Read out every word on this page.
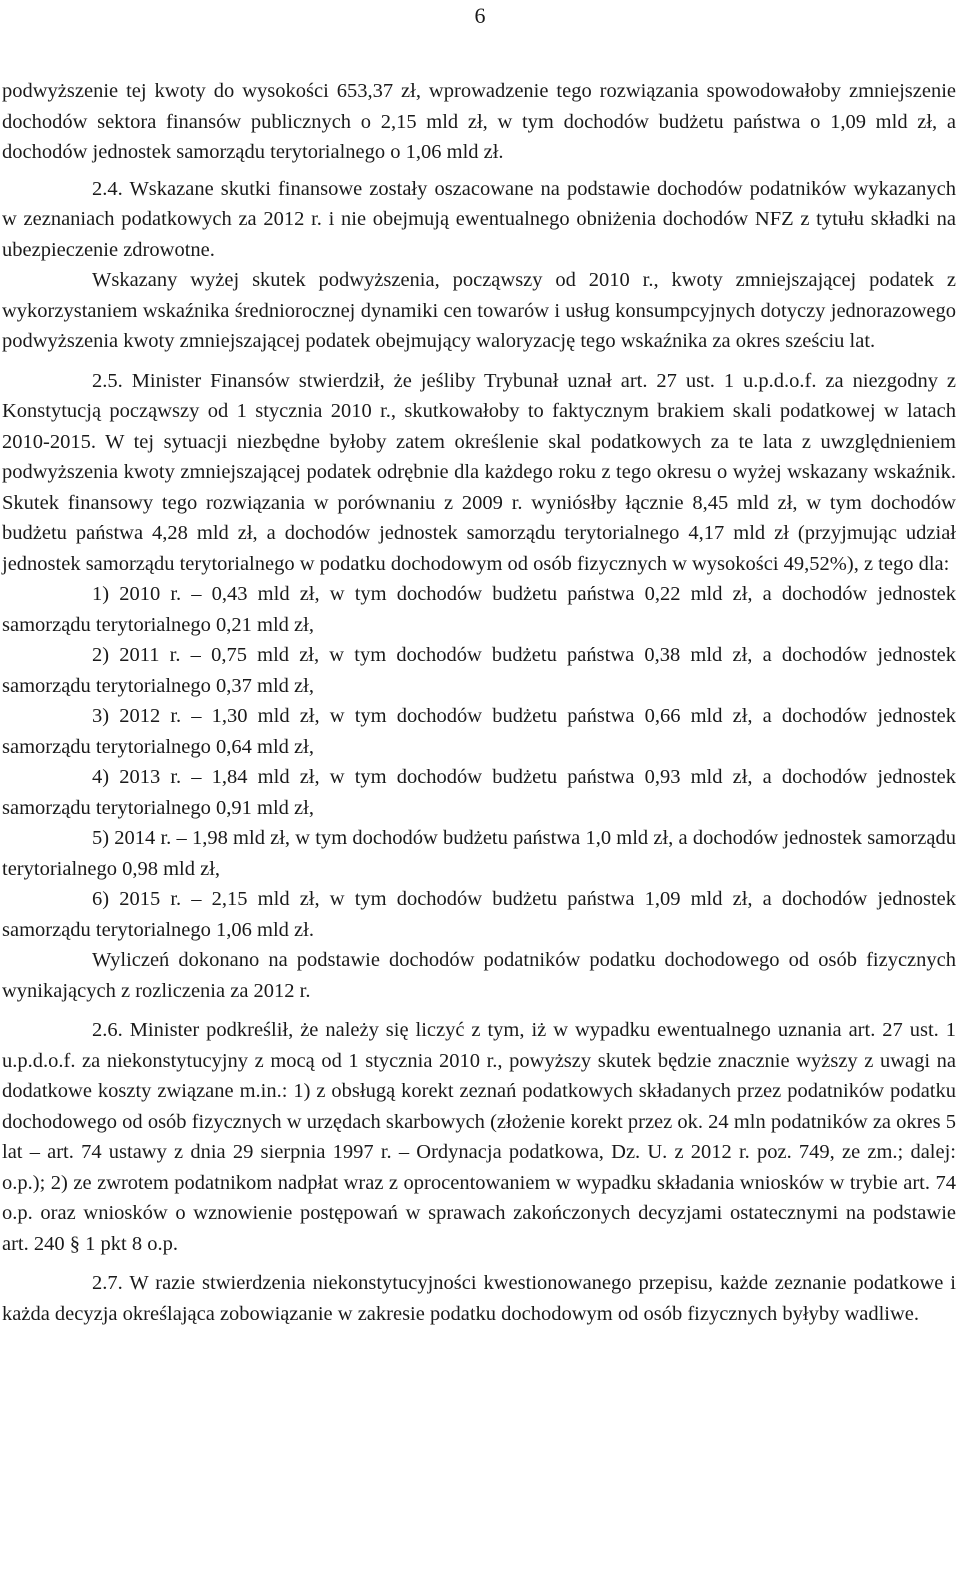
6

podwyższenie tej kwoty do wysokości 653,37 zł, wprowadzenie tego rozwiązania spowodowałoby zmniejszenie dochodów sektora finansów publicznych o 2,15 mld zł, w tym dochodów budżetu państwa o 1,09 mld zł, a dochodów jednostek samorządu terytorialnego o 1,06 mld zł.

2.4. Wskazane skutki finansowe zostały oszacowane na podstawie dochodów podatników wykazanych w zeznaniach podatkowych za 2012 r. i nie obejmują ewentualnego obniżenia dochodów NFZ z tytułu składki na ubezpieczenie zdrowotne.

Wskazany wyżej skutek podwyższenia, począwszy od 2010 r., kwoty zmniejszającej podatek z wykorzystaniem wskaźnika średniorocznej dynamiki cen towarów i usług konsumpcyjnych dotyczy jednorazowego podwyższenia kwoty zmniejszającej podatek obejmujący waloryzację tego wskaźnika za okres sześciu lat.

2.5. Minister Finansów stwierdził, że jeśliby Trybunał uznał art. 27 ust. 1 u.p.d.o.f. za niezgodny z Konstytucją począwszy od 1 stycznia 2010 r., skutkowałoby to faktycznym brakiem skali podatkowej w latach 2010-2015. W tej sytuacji niezbędne byłoby zatem określenie skal podatkowych za te lata z uwzględnieniem podwyższenia kwoty zmniejszającej podatek odrębnie dla każdego roku z tego okresu o wyżej wskazany wskaźnik. Skutek finansowy tego rozwiązania w porównaniu z 2009 r. wyniósłby łącznie 8,45 mld zł, w tym dochodów budżetu państwa 4,28 mld zł, a dochodów jednostek samorządu terytorialnego 4,17 mld zł (przyjmując udział jednostek samorządu terytorialnego w podatku dochodowym od osób fizycznych w wysokości 49,52%), z tego dla:

1) 2010 r. – 0,43 mld zł, w tym dochodów budżetu państwa 0,22 mld zł, a dochodów jednostek samorządu terytorialnego 0,21 mld zł,

2) 2011 r. – 0,75 mld zł, w tym dochodów budżetu państwa 0,38 mld zł, a dochodów jednostek samorządu terytorialnego 0,37 mld zł,

3) 2012 r. – 1,30 mld zł, w tym dochodów budżetu państwa 0,66 mld zł, a dochodów jednostek samorządu terytorialnego 0,64 mld zł,

4) 2013 r. – 1,84 mld zł, w tym dochodów budżetu państwa 0,93 mld zł, a dochodów jednostek samorządu terytorialnego 0,91 mld zł,

5) 2014 r. – 1,98 mld zł, w tym dochodów budżetu państwa 1,0 mld zł, a dochodów jednostek samorządu terytorialnego 0,98 mld zł,

6) 2015 r. – 2,15 mld zł, w tym dochodów budżetu państwa 1,09 mld zł, a dochodów jednostek samorządu terytorialnego 1,06 mld zł.

Wyliczeń dokonano na podstawie dochodów podatników podatku dochodowego od osób fizycznych wynikających z rozliczenia za 2012 r.

2.6. Minister podkreślił, że należy się liczyć z tym, iż w wypadku ewentualnego uznania art. 27 ust. 1 u.p.d.o.f. za niekonstytucyjny z mocą od 1 stycznia 2010 r., powyższy skutek będzie znacznie wyższy z uwagi na dodatkowe koszty związane m.in.: 1) z obsługą korekt zeznań podatkowych składanych przez podatników podatku dochodowego od osób fizycznych w urzędach skarbowych (złożenie korekt przez ok. 24 mln podatników za okres 5 lat – art. 74 ustawy z dnia 29 sierpnia 1997 r. – Ordynacja podatkowa, Dz. U. z 2012 r. poz. 749, ze zm.; dalej: o.p.); 2) ze zwrotem podatnikom nadpłat wraz z oprocentowaniem w wypadku składania wniosków w trybie art. 74 o.p. oraz wniosków o wznowienie postępowań w sprawach zakończonych decyzjami ostatecznymi na podstawie art. 240 § 1 pkt 8 o.p.

2.7. W razie stwierdzenia niekonstytucyjności kwestionowanego przepisu, każde zeznanie podatkowe i każda decyzja określająca zobowiązanie w zakresie podatku dochodowym od osób fizycznych byłyby wadliwe.
